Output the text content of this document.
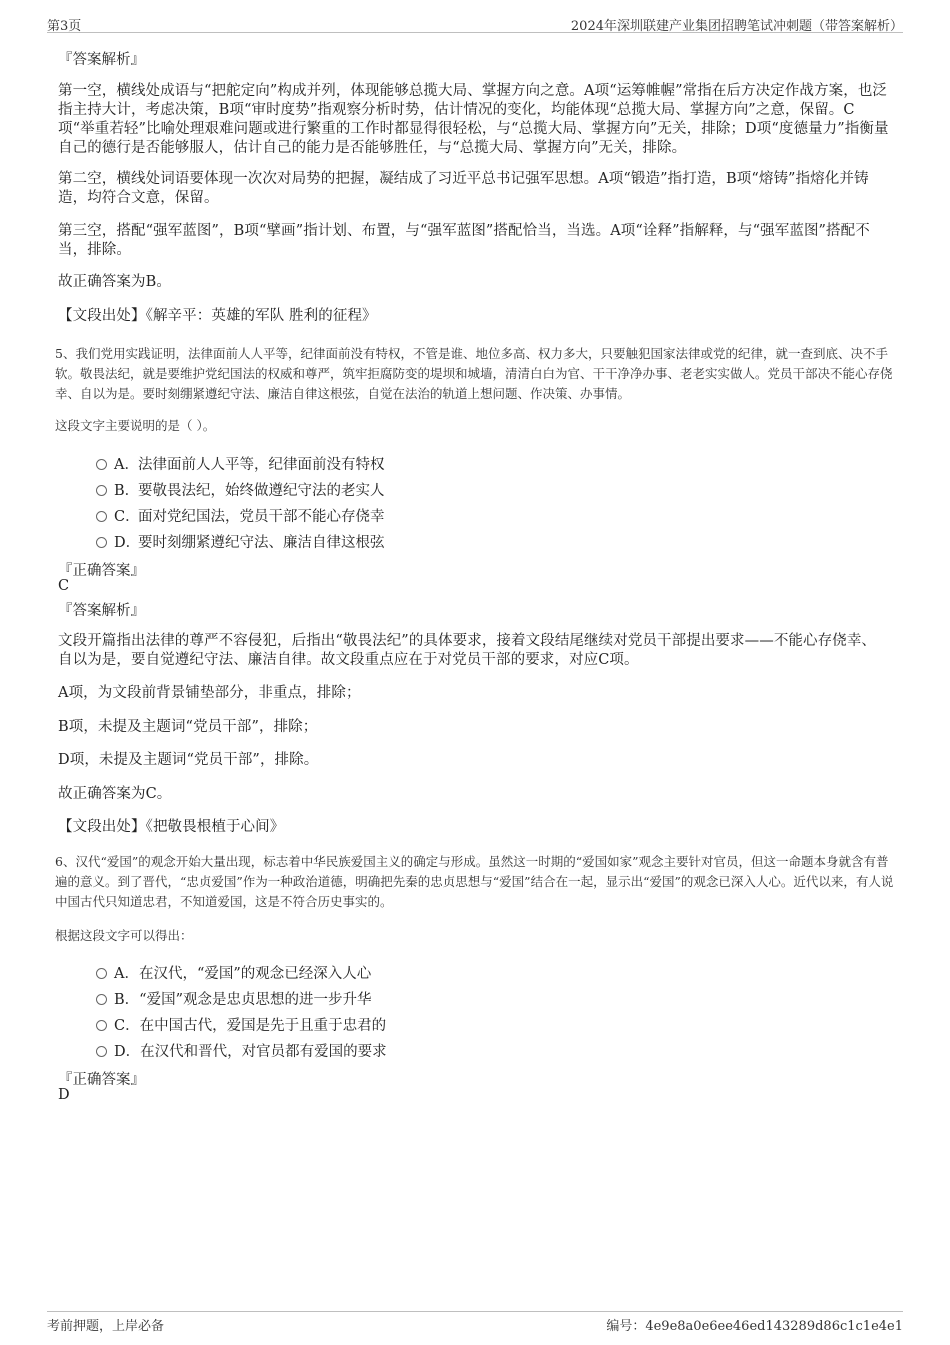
第3页	2024年深圳联建产业集团招聘笔试冲刺题（带答案解析）
『答案解析』
第一空，横线处成语与“把舵定向”构成并列，体现能够总揽大局、掌握方向之意。A项“运筹帷幄”常指在后方决定作战方案，也泛指主持大计，考虑决策，B项“审时度势”指观察分析时势，估计情况的变化，均能体现“总揽大局、掌握方向”之意，保留。C项“举重若轻”比喻处理艰难问题或进行繁重的工作时都显得很轻松，与“总揽大局、掌握方向”无关，排除；D项“度德量力”指衡量自己的德行是否能够服人，估计自己的能力是否能够胜任，与“总揽大局、掌握方向”无关，排除。
第二空，横线处词语要体现一次次对局势的把握，凝结成了习近平总书记强军思想。A项“锻造”指打造，B项“熔铸”指熔化并铸造，均符合文意，保留。
第三空，搭配“强军蓝图”，B项“擘画”指计划、布置，与“强军蓝图”搭配恰当，当选。A项“诠释”指解释，与“强军蓝图”搭配不当，排除。
故正确答案为B。
【文段出处】《解辛平：英雄的军队 胜利的征程》
5、我们党用实践证明，法律面前人人平等，纪律面前没有特权，不管是谁、地位多高、权力多大，只要触犯国家法律或党的纪律，就一查到底、决不手软。敬畏法纪，就是要维护党纪国法的权威和尊严，筑牢拒腐防变的堤坝和城墙，清清白白为官、干干净净办事、老老实实做人。党员干部决不能心存侥幸、自以为是。要时刻绷紧遵纪守法、廉洁自律这根弦，自觉在法治的轨道上想问题、作决策、办事情。
这段文字主要说明的是（ ）。
A．法律面前人人平等，纪律面前没有特权
B．要敬畏法纪，始终做遵纪守法的老实人
C．面对党纪国法，党员干部不能心存侥幸
D．要时刻绷紧遵纪守法、廉洁自律这根弦
『正确答案』
C
『答案解析』
文段开篇指出法律的尊严不容侵犯，后指出“敬畏法纪”的具体要求，接着文段结尾继续对党员干部提出要求——不能心存侥幸、自以为是，要自觉遵纪守法、廉洁自律。故文段重点应在于对党员干部的要求，对应C项。
A项，为文段前背景铺垫部分，非重点，排除；
B项，未提及主题词“党员干部”，排除；
D项，未提及主题词“党员干部”，排除。
故正确答案为C。
【文段出处】《把敬畏根植于心间》
6、汉代“爱国”的观念开始大量出现，标志着中华民族爱国主义的确定与形成。虽然这一时期的“爱国如家”观念主要针对官员，但这一命题本身就含有普遍的意义。到了晋代，“忠贞爱国”作为一种政治道德，明确把先秦的忠贞思想与“爱国”结合在一起，显示出“爱国”的观念已深入人心。近代以来，有人说中国古代只知道忠君，不知道爱国，这是不符合历史事实的。
根据这段文字可以得出：
A．在汉代，“爱国”的观念已经深入人心
B．“爱国”观念是忠贞思想的进一步升华
C．在中国古代，爱国是先于且重于忠君的
D．在汉代和晋代，对官员都有爱国的要求
『正确答案』
D
考前押题，上岸必备	编号：4e9e8a0e6ee46ed143289d86c1c1e4e1
